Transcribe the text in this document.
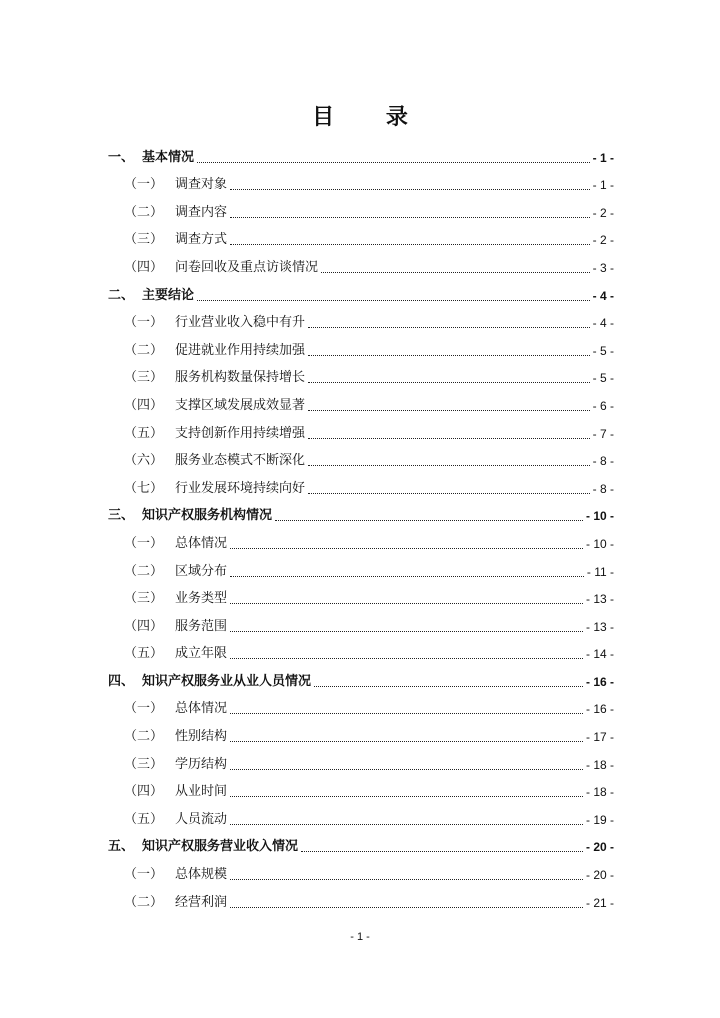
目 录
一、 基本情况	- 1 -
（一） 调查对象	- 1 -
（二） 调查内容	- 2 -
（三） 调查方式	- 2 -
（四） 问卷回收及重点访谈情况	- 3 -
二、 主要结论	- 4 -
（一） 行业营业收入稳中有升	- 4 -
（二） 促进就业作用持续加强	- 5 -
（三） 服务机构数量保持增长	- 5 -
（四） 支撑区域发展成效显著	- 6 -
（五） 支持创新作用持续增强	- 7 -
（六） 服务业态模式不断深化	- 8 -
（七） 行业发展环境持续向好	- 8 -
三、 知识产权服务机构情况	- 10 -
（一） 总体情况	- 10 -
（二） 区域分布	- 11 -
（三） 业务类型	- 13 -
（四） 服务范围	- 13 -
（五） 成立年限	- 14 -
四、 知识产权服务业从业人员情况	- 16 -
（一） 总体情况	- 16 -
（二） 性别结构	- 17 -
（三） 学历结构	- 18 -
（四） 从业时间	- 18 -
（五） 人员流动	- 19 -
五、 知识产权服务营业收入情况	- 20 -
（一） 总体规模	- 20 -
（二） 经营利润	- 21 -
- 1 -
